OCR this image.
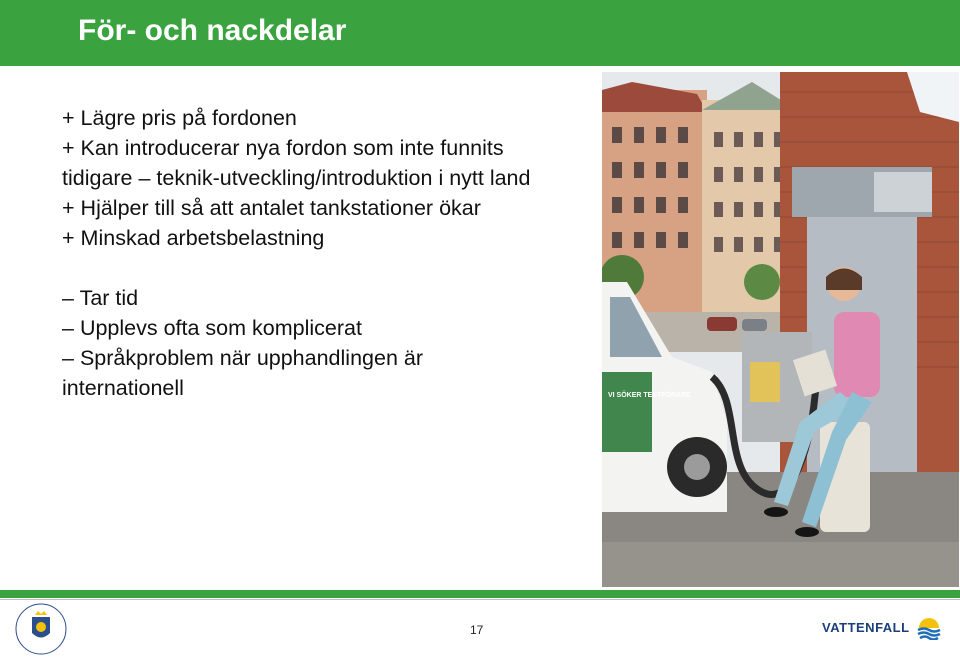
För- och nackdelar

+ Lägre pris på fordonen

+ Kan introducerar nya fordon som inte funnits tidigare – teknik-utveckling/introduktion i nytt land

+ Hjälper till så att antalet tankstationer ökar

+ Minskad arbetsbelastning

– Tar tid

– Upplevs ofta som komplicerat

– Språkproblem när upphandlingen är internationell	VI SÖKER TESTFÖRARE
17	VATTENFALL
